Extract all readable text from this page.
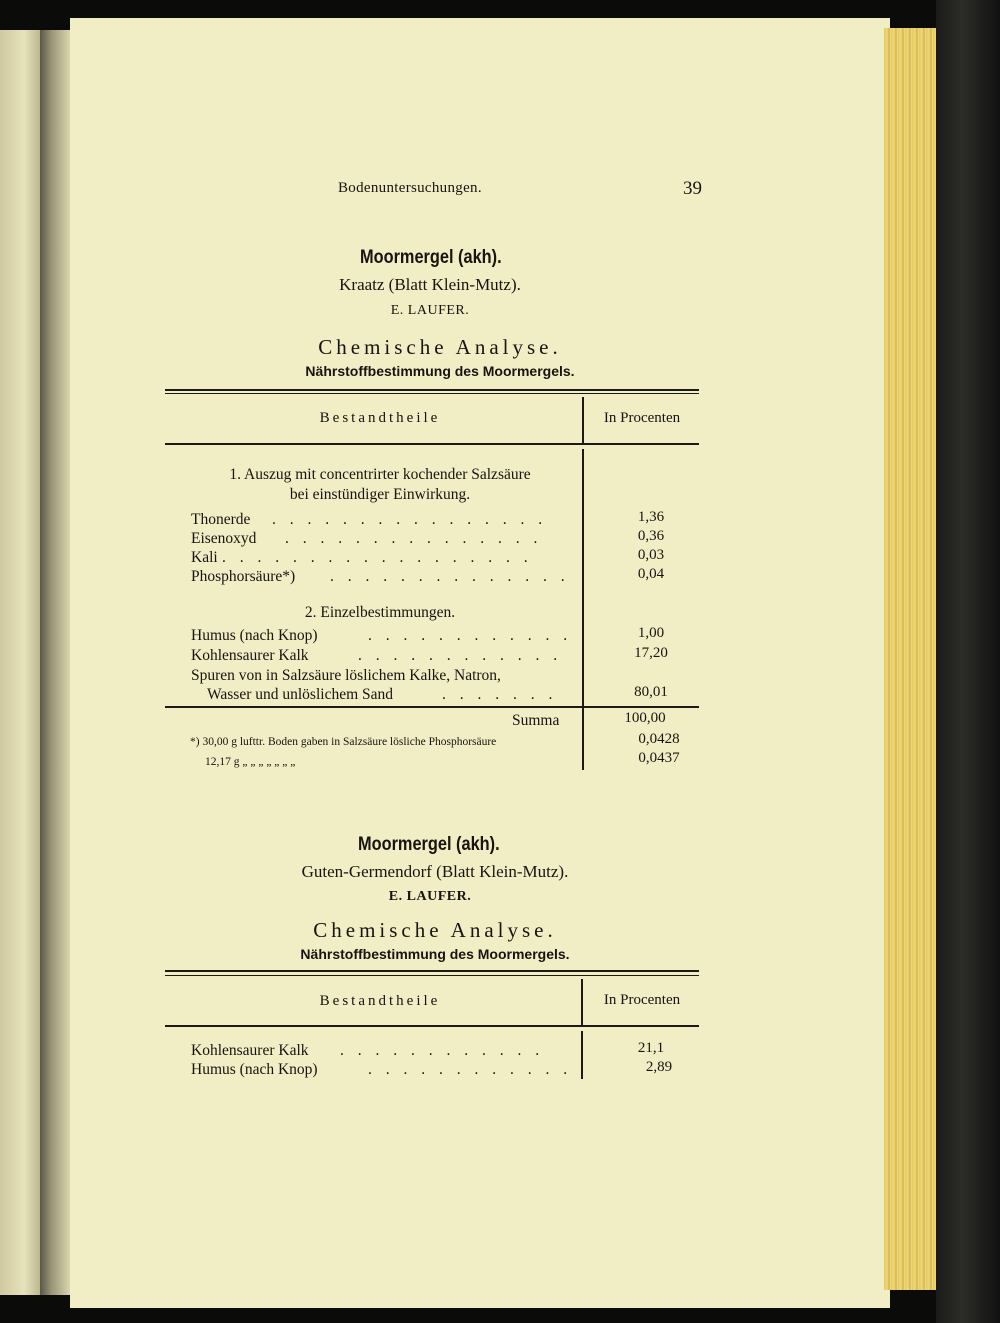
Bodenuntersuchungen.	39
Moormergel (akh).
Kraatz (Blatt Klein-Mutz).
E. LAUFER.
Chemische Analyse.
Nährstoffbestimmung des Moormergels.
Bestandtheile	In Procenten
1. Auszug mit concentrirter kochender Salzsäure
bei einstündiger Einwirkung.
Thonerde . . . . . . . . . . . . . . . .	1,36
Eisenoxyd . . . . . . . . . . . . . . .	0,36
Kali . . . . . . . . . . . . . . . . . .	0,03
Phosphorsäure*) . . . . . . . . . . . . . .	0,04
2. Einzelbestimmungen.
Humus (nach Knop)	. . . . . . . . . . . .	1,00
Kohlensaurer Kalk	. . . . . . . . . . . .	17,20
Spuren von in Salzsäure löslichem Kalke, Natron,
Wasser und unlöslichem Sand	. . . . . . .	80,01
Summa	100,00
*) 30,00 g lufttr. Boden gaben in Salzsäure lösliche Phosphorsäure	0,0428
12,17 g „ „ „ „ „ „ „	0,0437
Moormergel (akh).
Guten-Germendorf (Blatt Klein-Mutz).
E. LAUFER.
Chemische Analyse.
Nährstoffbestimmung des Moormergels.
Bestandtheile	In Procenten
Kohlensaurer Kalk . . . . . . . . . . . .	21,1
Humus (nach Knop)	. . . . . . . . . . . .	2,89
